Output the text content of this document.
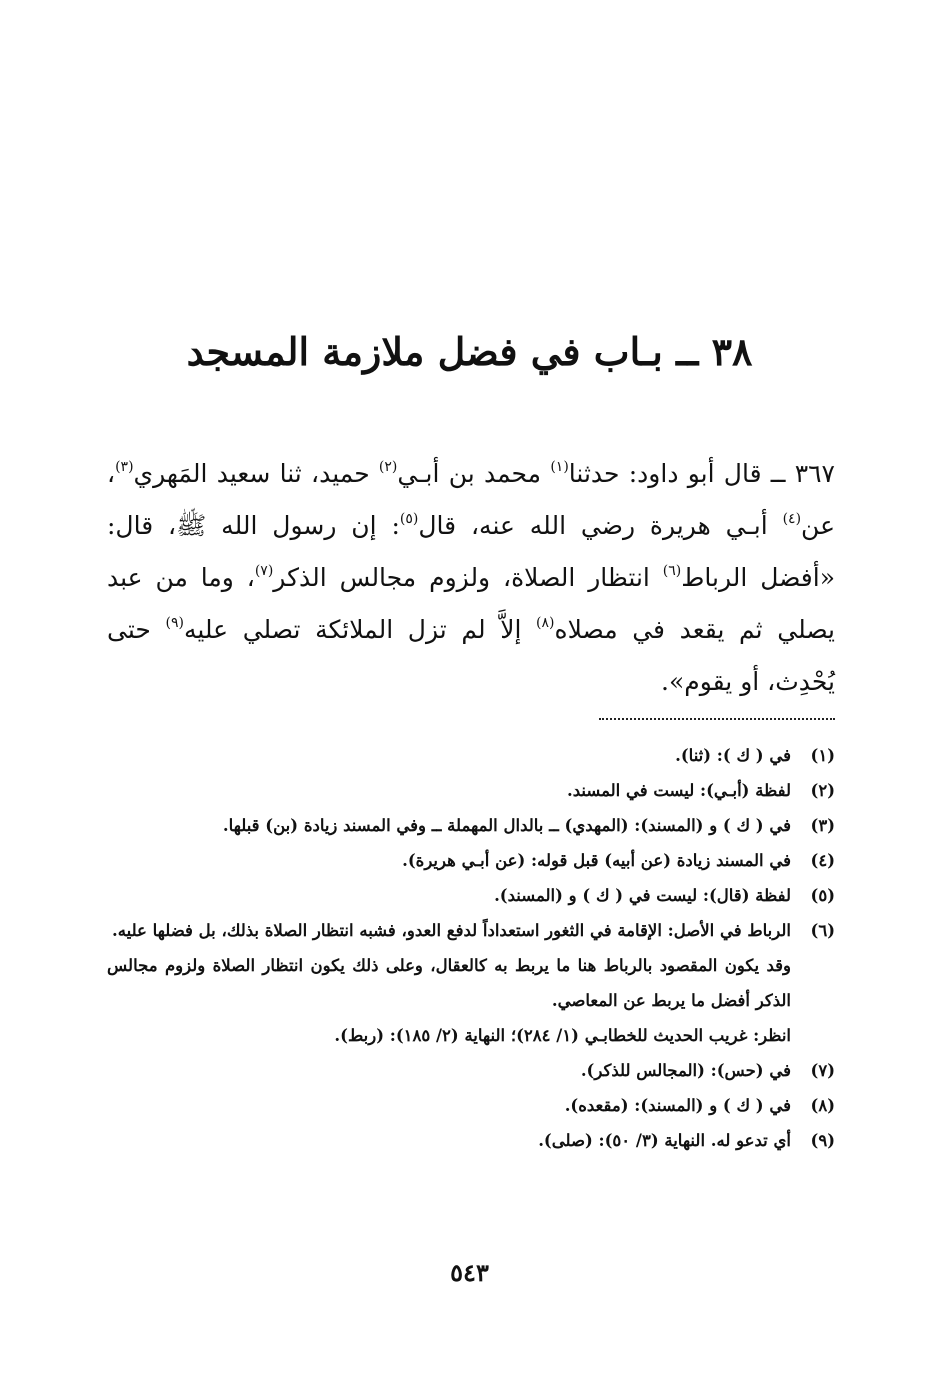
٣٨ ــ بـاب في فضل ملازمة المسجد

٣٦٧ ــ قال أبو داود: حدثنا$^{(١)}$ محمد بن أبـي$^{(٢)}$ حميد، ثنا سعيد المَهري$^{(٣)}$، عن$^{(٤)}$ أبـي هريرة رضي الله عنه، قال$^{(٥)}$: إن رسول الله ﷺ، قال: «أفضل الرباط$^{(٦)}$ انتظار الصلاة، ولزوم مجالس الذكر$^{(٧)}$، وما من عبد يصلي ثم يقعد في مصلاه$^{(٨)}$ إلاَّ لم تزل الملائكة تصلي عليه$^{(٩)}$ حتى يُحْدِث، أو يقوم».

(١)
في ( ك ): (ثنا).
(٢)
لفظة (أبـي): ليست في المسند.
(٣)
في ( ك ) و (المسند): (المهدي) ــ بالدال المهملة ــ وفي المسند زيادة (بن) قبلها.
(٤)
في المسند زيادة (عن أبيه) قبل قوله: (عن أبـي هريرة).
(٥)
لفظة (قال): ليست في ( ك ) و (المسند).
(٦)
الرباط في الأصل: الإقامة في الثغور استعداداً لدفع العدو، فشبه انتظار الصلاة بذلك، بل فضلها عليه.
وقد يكون المقصود بالرباط هنا ما يربط به كالعقال، وعلى ذلك يكون انتظار الصلاة ولزوم مجالس الذكر أفضل ما يربط عن المعاصي.
انظر: غريب الحديث للخطابـي (١/ ٢٨٤)؛ النهاية (٢/ ١٨٥): (ربط).
(٧)
في (حس): (المجالس للذكر).
(٨)
في ( ك ) و (المسند): (مقعده).
(٩)
أي تدعو له. النهاية (٣/ ٥٠): (صلى).
٥٤٣
